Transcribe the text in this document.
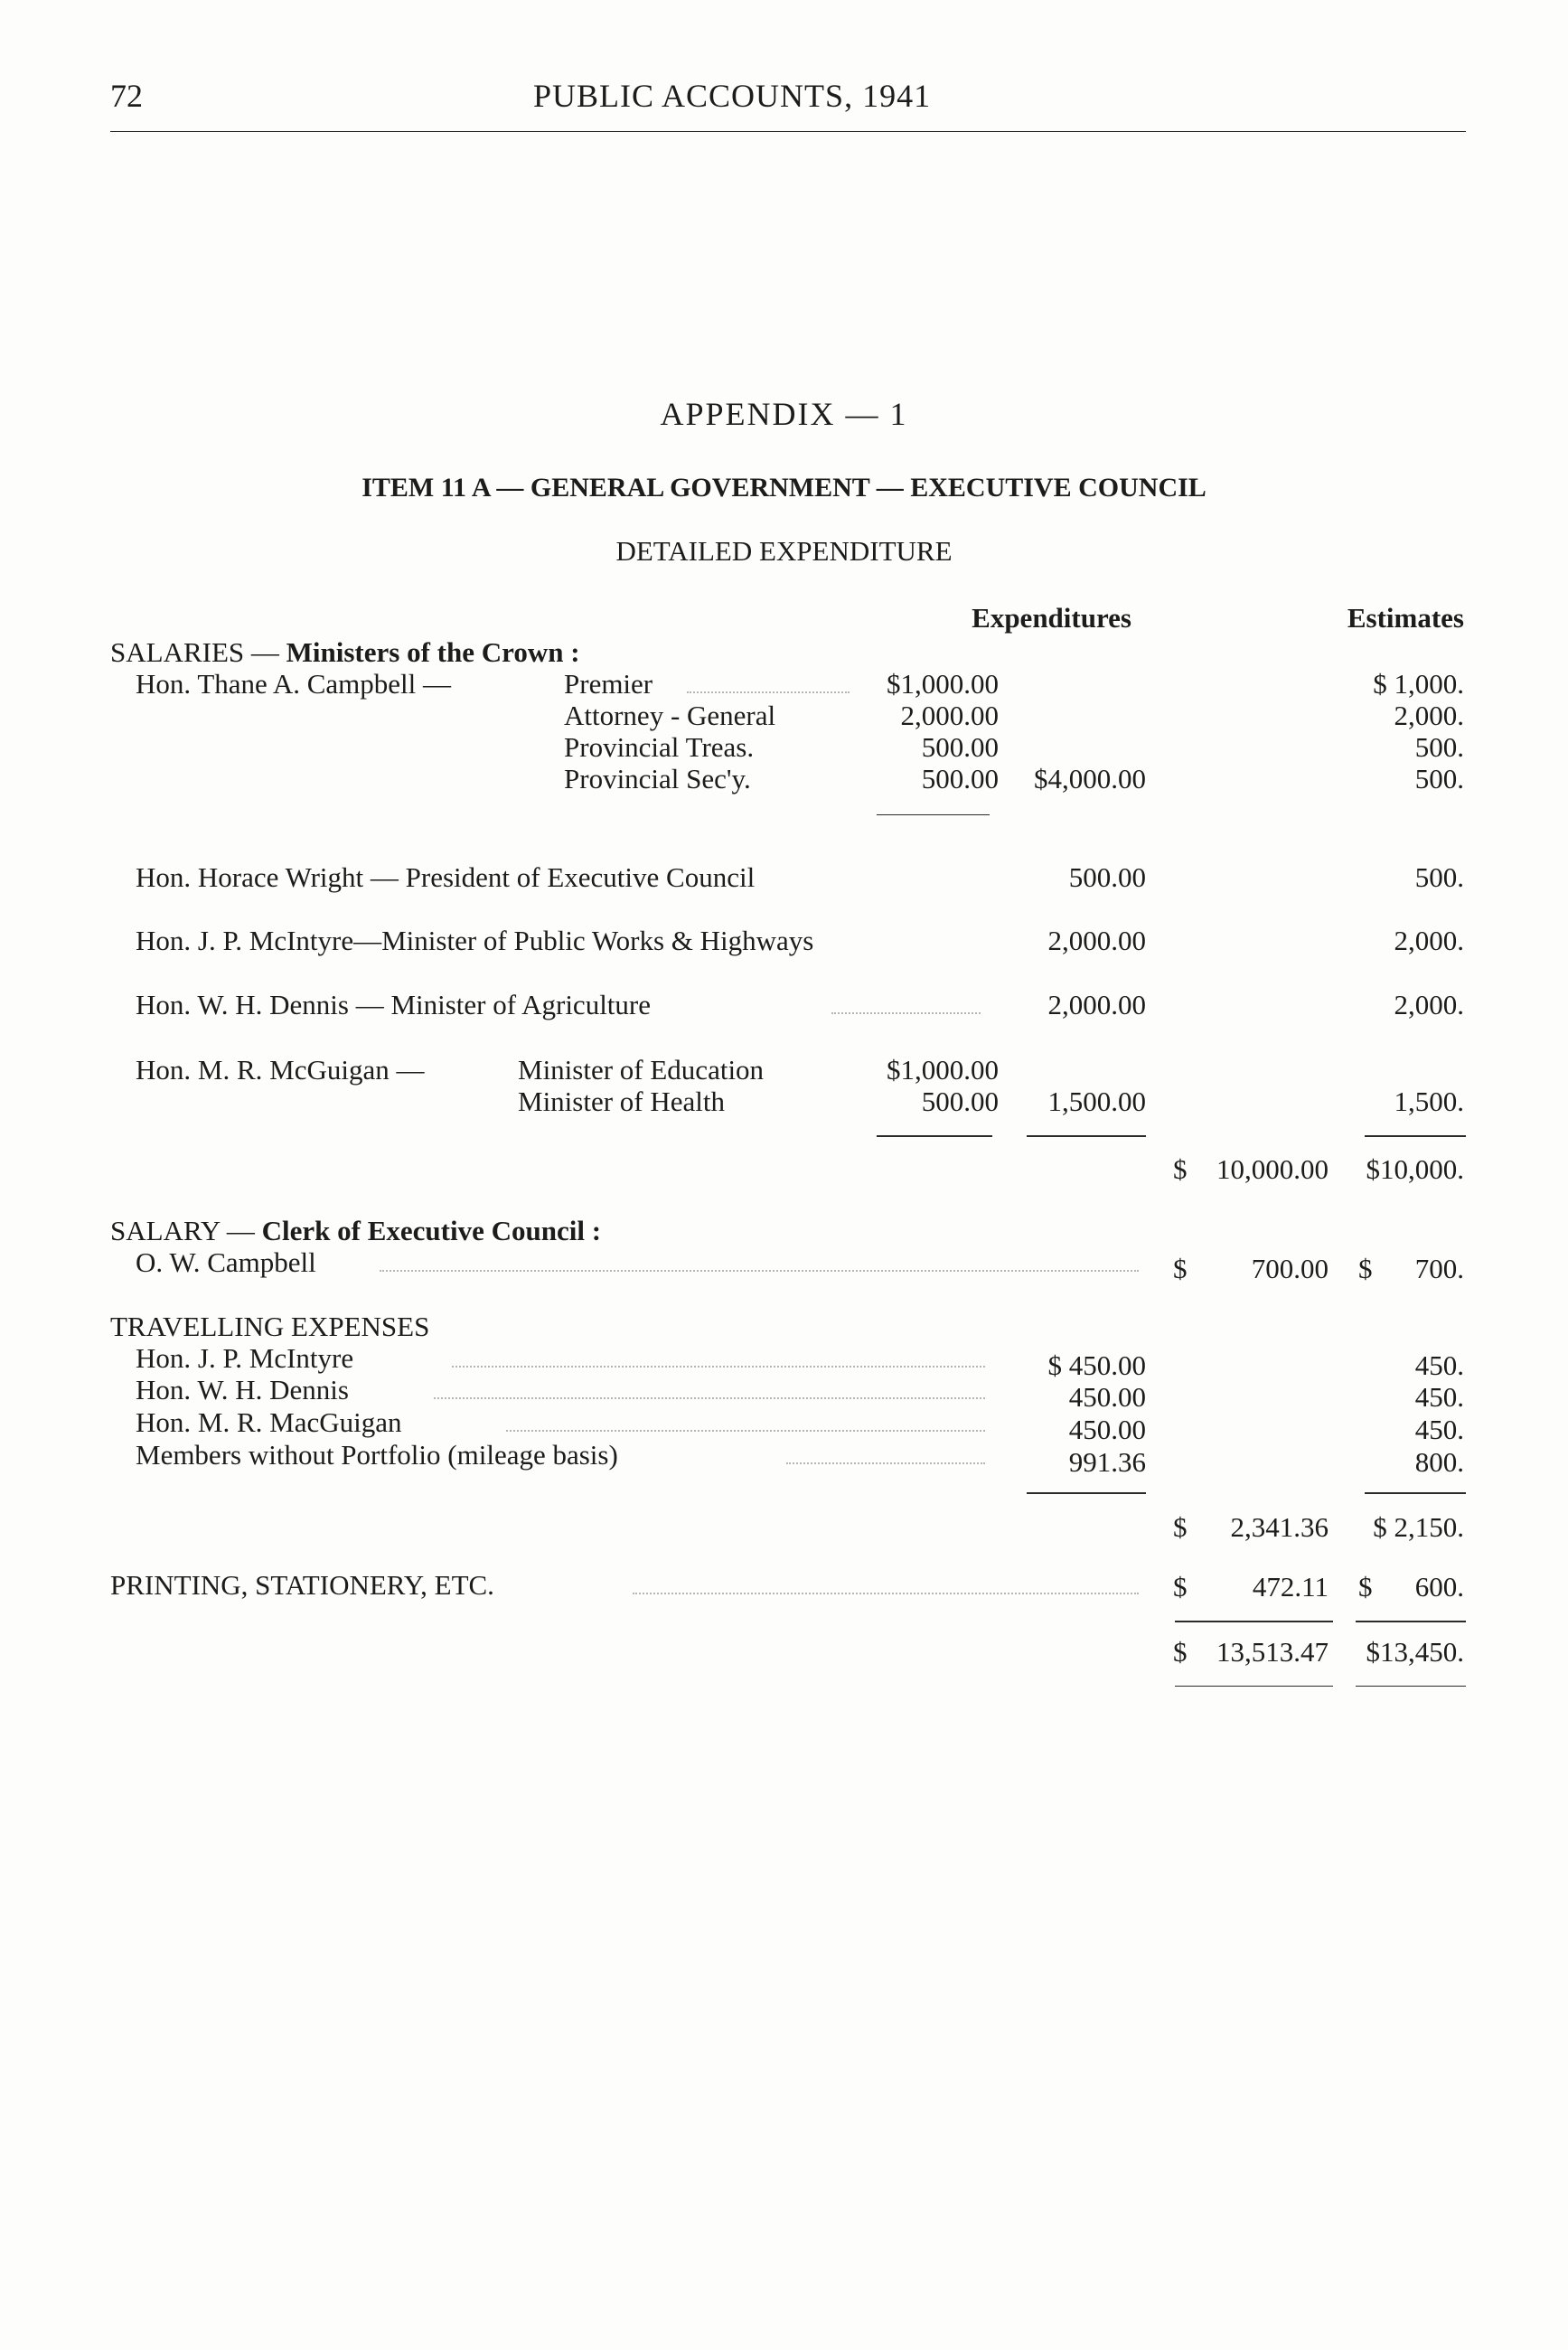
72	PUBLIC ACCOUNTS, 1941
APPENDIX — 1
ITEM 11 A — GENERAL GOVERNMENT — EXECUTIVE COUNCIL
DETAILED EXPENDITURE
Expenditures	Estimates
SALARIES — Ministers of the Crown :
Hon. Thane A. Campbell —	Premier	$1,000.00	$ 1,000.
Attorney - General	2,000.00	2,000.
Provincial Treas.	500.00	500.
Provincial Sec'y.	500.00	$4,000.00	500.
Hon. Horace Wright — President of Executive Council	500.00	500.
Hon. J. P. McIntyre—Minister of Public Works & Highways	2,000.00	2,000.
Hon. W. H. Dennis — Minister of Agriculture	2,000.00	2,000.
Hon. M. R. McGuigan —	Minister of Education	$1,000.00
Minister of Health	500.00	1,500.00	1,500.
$	10,000.00	$10,000.
SALARY — Clerk of Executive Council :
O. W. Campbell	$	700.00 $	700.
TRAVELLING EXPENSES
Hon. J. P. McIntyre	$ 450.00	450.
Hon. W. H. Dennis	450.00	450.
Hon. M. R. MacGuigan	450.00	450.
Members without Portfolio (mileage basis)	991.36	800.
$	2,341.36	$ 2,150.
PRINTING, STATIONERY, ETC.	$	472.11 $	600.
$	13,513.47	$13,450.
